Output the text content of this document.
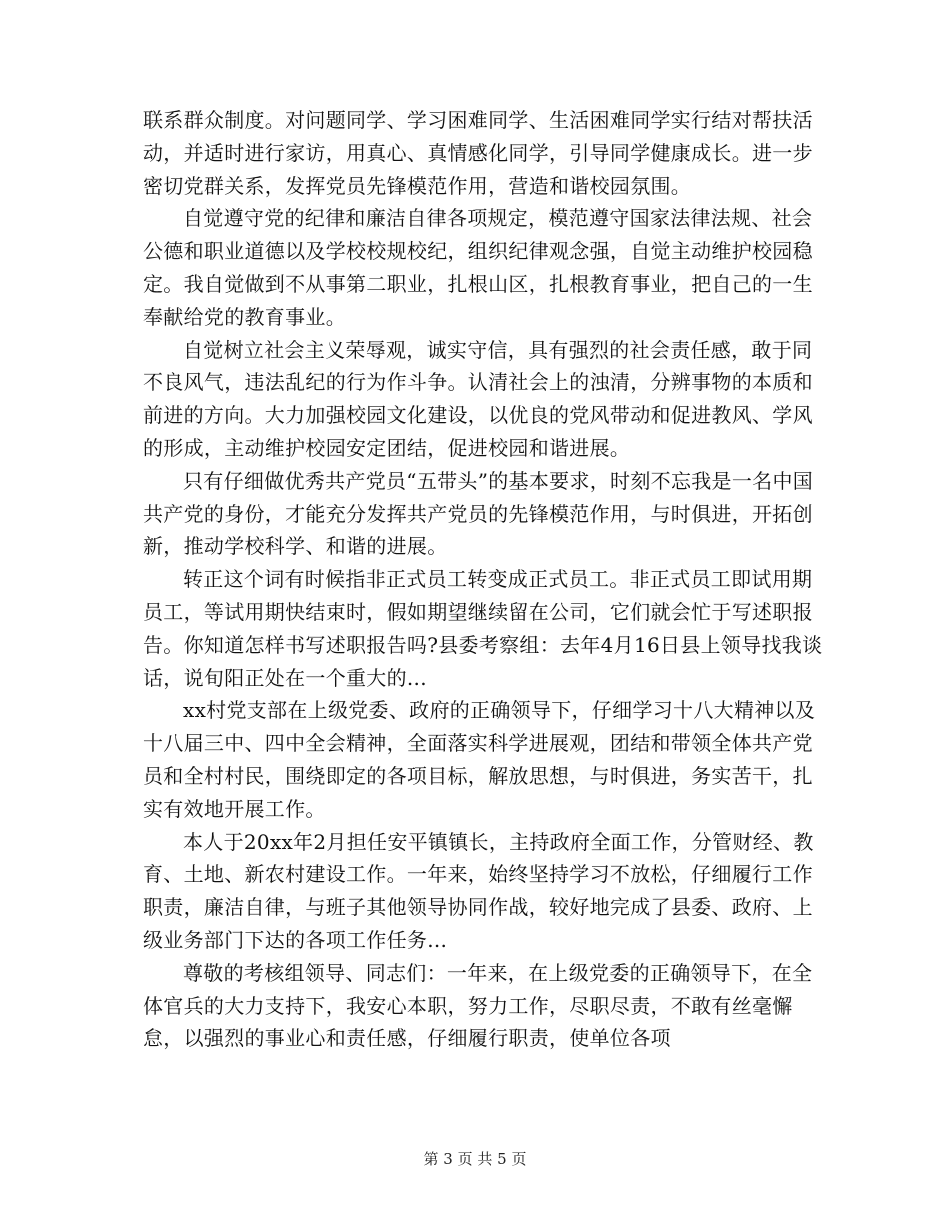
联系群众制度。对问题同学、学习困难同学、生活困难同学实行结对帮扶活动，并适时进行家访，用真心、真情感化同学，引导同学健康成长。进一步密切党群关系，发挥党员先锋模范作用，营造和谐校园氛围。

自觉遵守党的纪律和廉洁自律各项规定，模范遵守国家法律法规、社会公德和职业道德以及学校校规校纪，组织纪律观念强，自觉主动维护校园稳定。我自觉做到不从事第二职业，扎根山区，扎根教育事业，把自己的一生奉献给党的教育事业。

自觉树立社会主义荣辱观，诚实守信，具有强烈的社会责任感，敢于同不良风气，违法乱纪的行为作斗争。认清社会上的浊清，分辨事物的本质和前进的方向。大力加强校园文化建设，以优良的党风带动和促进教风、学风的形成，主动维护校园安定团结，促进校园和谐进展。

只有仔细做优秀共产党员“五带头”的基本要求，时刻不忘我是一名中国共产党的身份，才能充分发挥共产党员的先锋模范作用，与时俱进，开拓创新，推动学校科学、和谐的进展。

转正这个词有时候指非正式员工转变成正式员工。非正式员工即试用期员工，等试用期快结束时，假如期望继续留在公司，它们就会忙于写述职报告。你知道怎样书写述职报告吗?县委考察组：去年4月16日县上领导找我谈话，说旬阳正处在一个重大的...

xx村党支部在上级党委、政府的正确领导下，仔细学习十八大精神以及十八届三中、四中全会精神，全面落实科学进展观，团结和带领全体共产党员和全村村民，围绕即定的各项目标，解放思想，与时俱进，务实苦干，扎实有效地开展工作。

本人于20xx年2月担任安平镇镇长，主持政府全面工作，分管财经、教育、土地、新农村建设工作。一年来，始终坚持学习不放松，仔细履行工作职责，廉洁自律，与班子其他领导协同作战，较好地完成了县委、政府、上级业务部门下达的各项工作任务...

尊敬的考核组领导、同志们：一年来，在上级党委的正确领导下，在全体官兵的大力支持下，我安心本职，努力工作，尽职尽责，不敢有丝毫懈怠，以强烈的事业心和责任感，仔细履行职责，使单位各项

第 3 页 共 5 页
